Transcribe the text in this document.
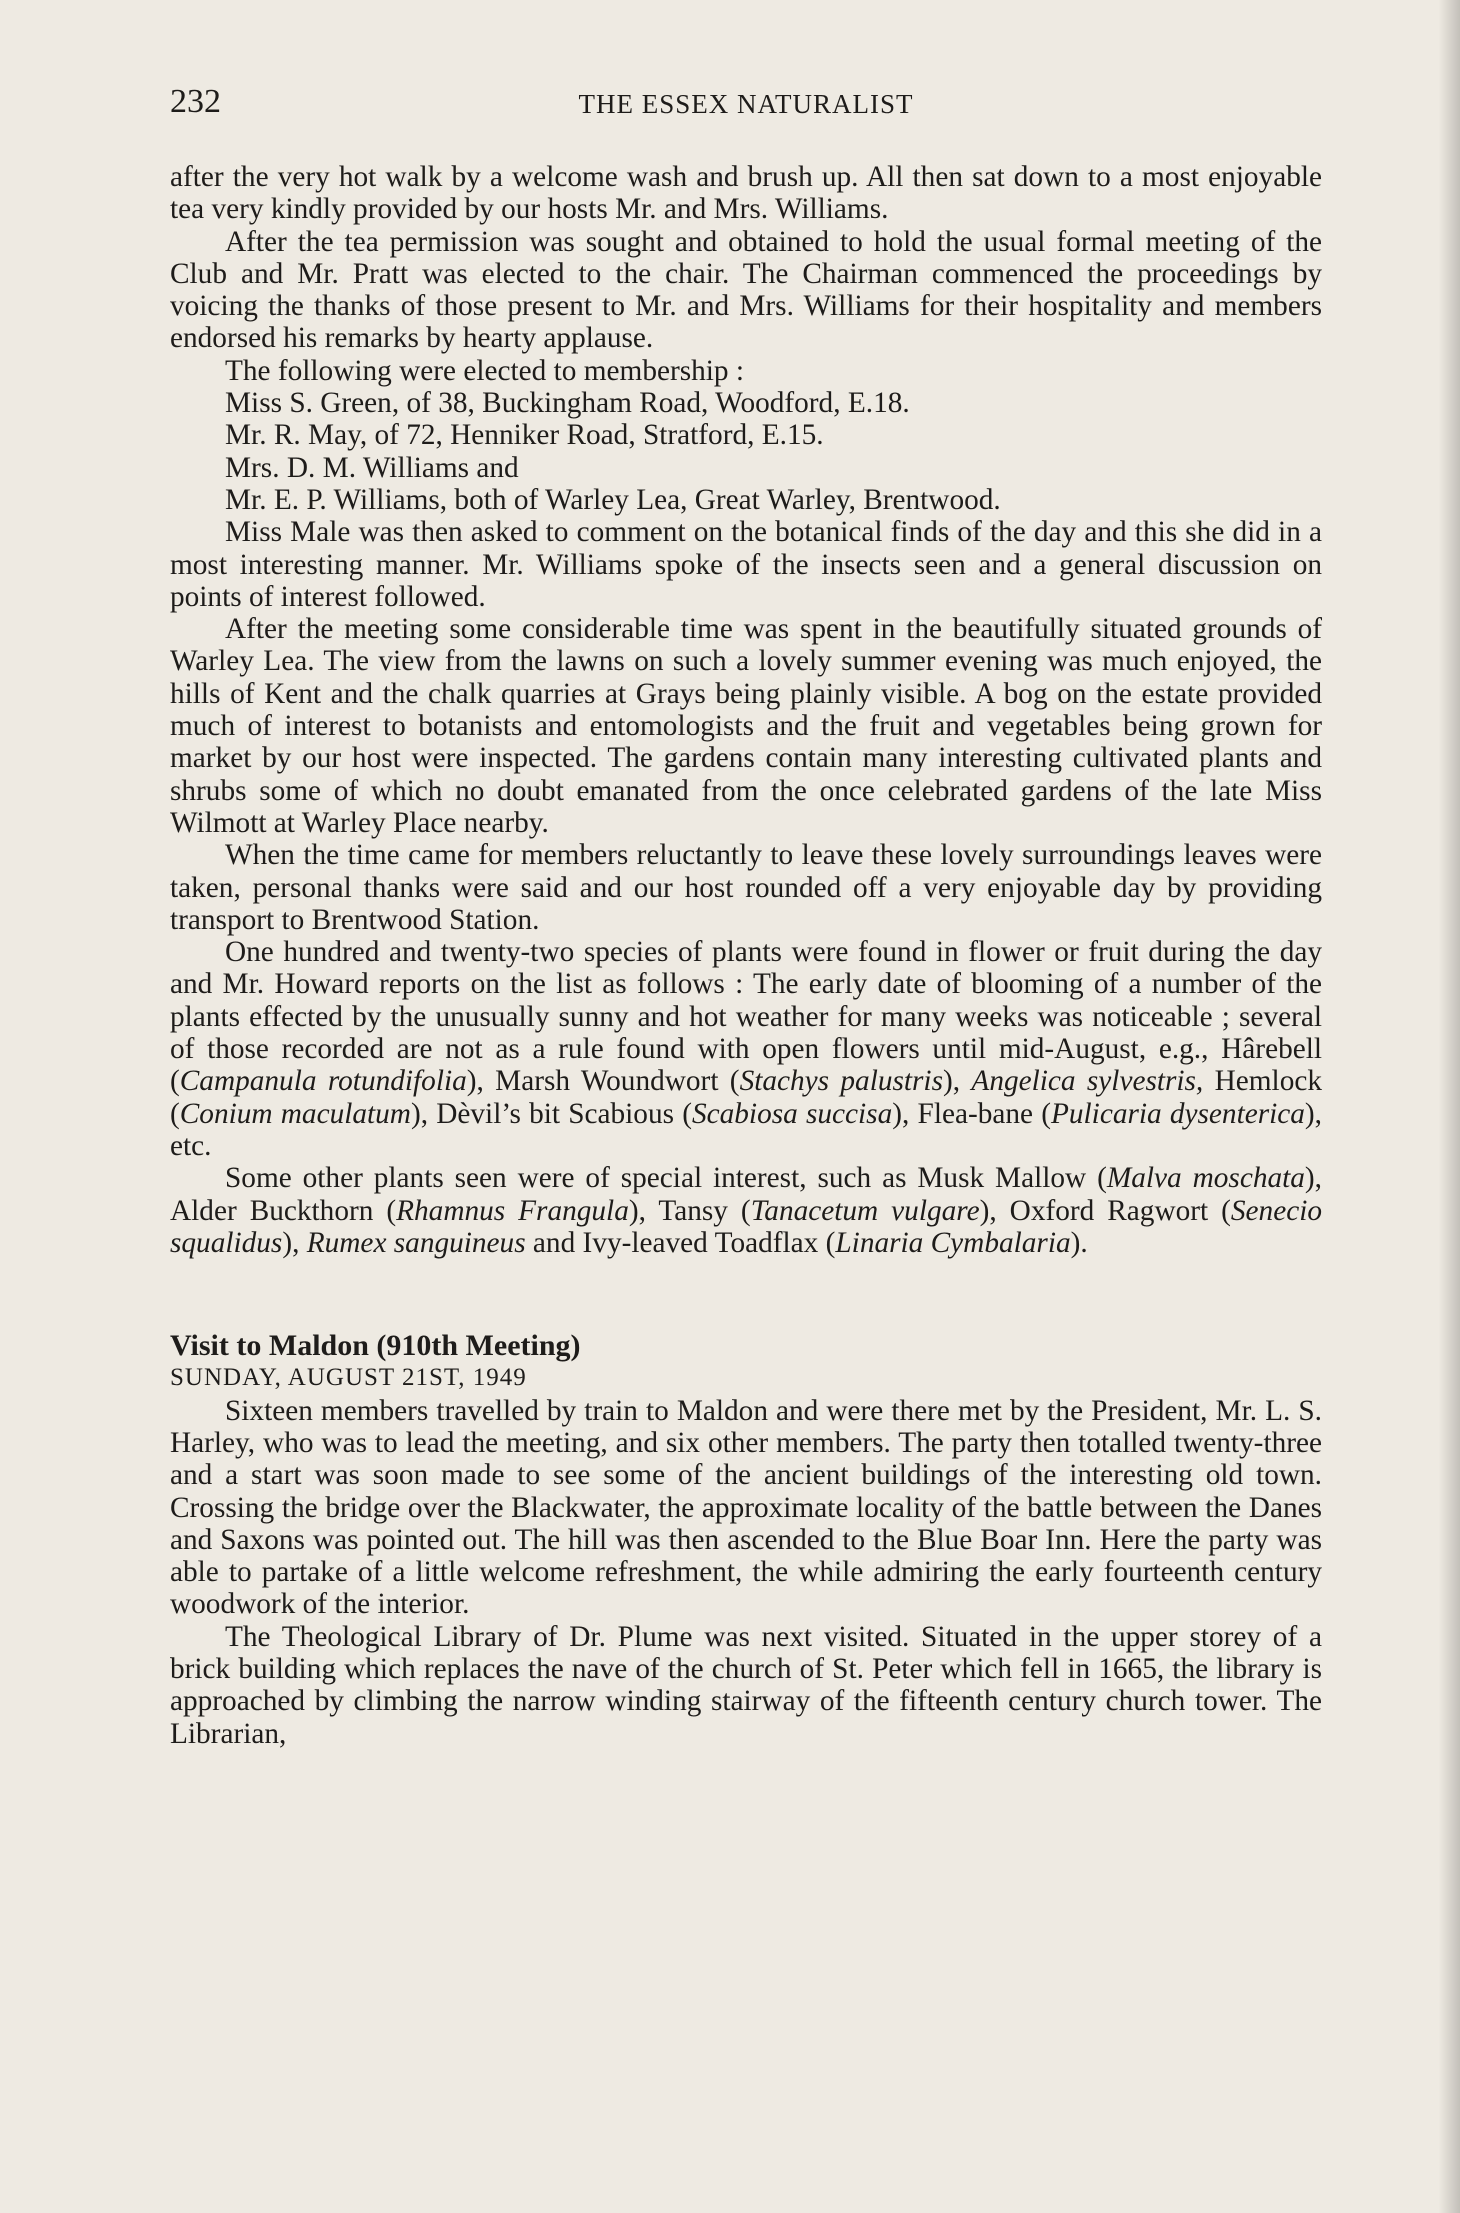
232	THE ESSEX NATURALIST

after the very hot walk by a welcome wash and brush up. All then sat down to a most enjoyable tea very kindly provided by our hosts Mr. and Mrs. Williams.

After the tea permission was sought and obtained to hold the usual formal meeting of the Club and Mr. Pratt was elected to the chair. The Chairman commenced the proceedings by voicing the thanks of those present to Mr. and Mrs. Williams for their hospitality and members endorsed his remarks by hearty applause.

The following were elected to membership :

Miss S. Green, of 38, Buckingham Road, Woodford, E.18.

Mr. R. May, of 72, Henniker Road, Stratford, E.15.

Mrs. D. M. Williams and

Mr. E. P. Williams, both of Warley Lea, Great Warley, Brentwood.

Miss Male was then asked to comment on the botanical finds of the day and this she did in a most interesting manner. Mr. Williams spoke of the insects seen and a general discussion on points of interest followed.

After the meeting some considerable time was spent in the beautifully situated grounds of Warley Lea. The view from the lawns on such a lovely summer evening was much enjoyed, the hills of Kent and the chalk quarries at Grays being plainly visible. A bog on the estate provided much of interest to botanists and entomologists and the fruit and vegetables being grown for market by our host were inspected. The gardens contain many interesting cultivated plants and shrubs some of which no doubt emanated from the once celebrated gardens of the late Miss Wilmott at Warley Place nearby.

When the time came for members reluctantly to leave these lovely surroundings leaves were taken, personal thanks were said and our host rounded off a very enjoyable day by providing transport to Brentwood Station.

One hundred and twenty-two species of plants were found in flower or fruit during the day and Mr. Howard reports on the list as follows : The early date of blooming of a number of the plants effected by the unusually sunny and hot weather for many weeks was noticeable ; several of those recorded are not as a rule found with open flowers until mid-August, e.g., Hârebell (Campanula rotundifolia), Marsh Woundwort (Stachys palustris), Angelica sylvestris, Hemlock (Conium maculatum), Dèvil’s bit Scabious (Scabiosa succisa), Flea-bane (Pulicaria dysenterica), etc.

Some other plants seen were of special interest, such as Musk Mallow (Malva moschata), Alder Buckthorn (Rhamnus Frangula), Tansy (Tanacetum vulgare), Oxford Ragwort (Senecio squalidus), Rumex sanguineus and Ivy-leaved Toadflax (Linaria Cymbalaria).

Visit to Maldon (910th Meeting)

SUNDAY, AUGUST 21ST, 1949

Sixteen members travelled by train to Maldon and were there met by the President, Mr. L. S. Harley, who was to lead the meeting, and six other members. The party then totalled twenty-three and a start was soon made to see some of the ancient buildings of the interesting old town. Crossing the bridge over the Blackwater, the approximate locality of the battle between the Danes and Saxons was pointed out. The hill was then ascended to the Blue Boar Inn. Here the party was able to partake of a little welcome refreshment, the while admiring the early fourteenth century woodwork of the interior.

The Theological Library of Dr. Plume was next visited. Situated in the upper storey of a brick building which replaces the nave of the church of St. Peter which fell in 1665, the library is approached by climbing the narrow winding stairway of the fifteenth century church tower. The Librarian,
